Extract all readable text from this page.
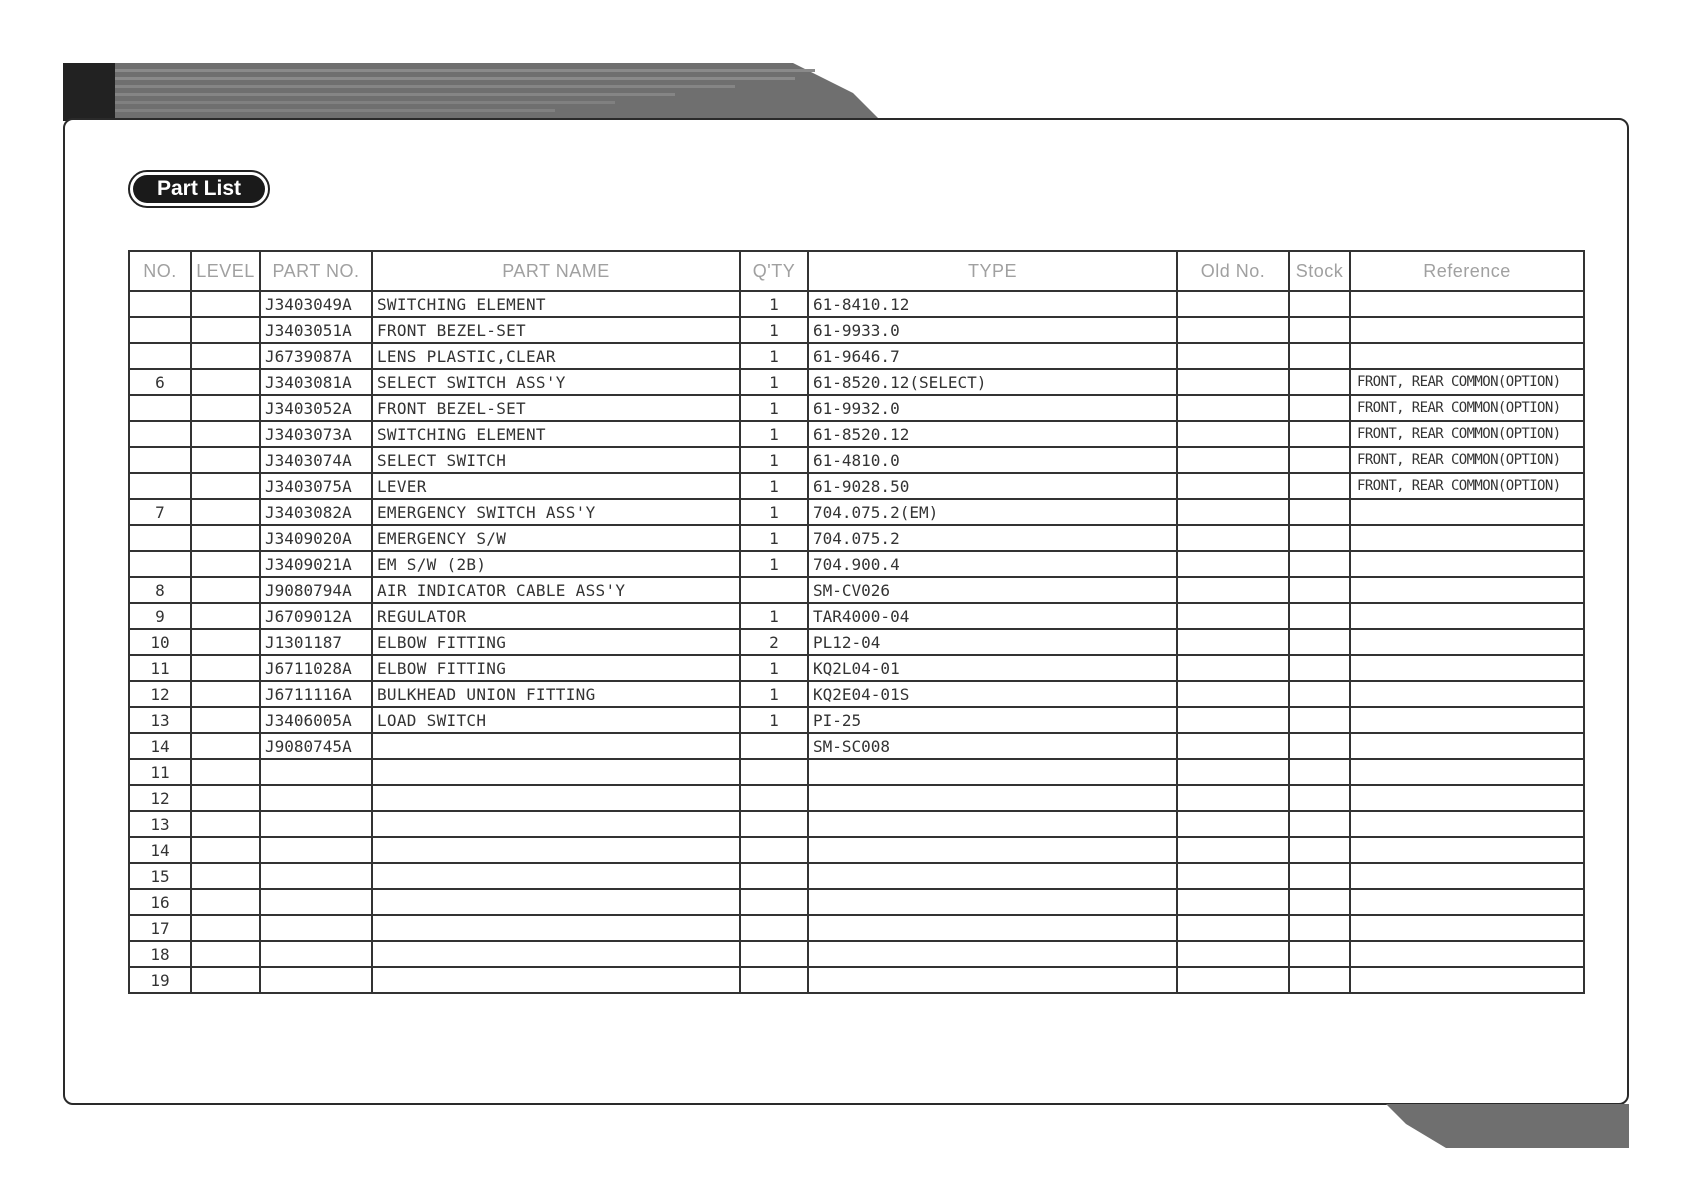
Part List
NO.	LEVEL	PART NO.	PART NAME	Q'TY	TYPE	Old No.	Stock	Reference
		J3403049A	SWITCHING ELEMENT	1	61-8410.12			
		J3403051A	FRONT BEZEL-SET	1	61-9933.0			
		J6739087A	LENS PLASTIC,CLEAR	1	61-9646.7			
6		J3403081A	SELECT SWITCH ASS'Y	1	61-8520.12(SELECT)			FRONT, REAR COMMON(OPTION)
		J3403052A	FRONT BEZEL-SET	1	61-9932.0			FRONT, REAR COMMON(OPTION)
		J3403073A	SWITCHING ELEMENT	1	61-8520.12			FRONT, REAR COMMON(OPTION)
		J3403074A	SELECT SWITCH	1	61-4810.0			FRONT, REAR COMMON(OPTION)
		J3403075A	LEVER	1	61-9028.50			FRONT, REAR COMMON(OPTION)
7		J3403082A	EMERGENCY SWITCH ASS'Y	1	704.075.2(EM)			
		J3409020A	EMERGENCY S/W	1	704.075.2			
		J3409021A	EM S/W (2B)	1	704.900.4			
8		J9080794A	AIR INDICATOR CABLE ASS'Y		SM-CV026			
9		J6709012A	REGULATOR	1	TAR4000-04			
10		J1301187	ELBOW FITTING	2	PL12-04			
11		J6711028A	ELBOW FITTING	1	KQ2L04-01			
12		J6711116A	BULKHEAD UNION FITTING	1	KQ2E04-01S			
13		J3406005A	LOAD SWITCH	1	PI-25			
14		J9080745A			SM-SC008			
11								
12								
13								
14								
15								
16								
17								
18								
19								
